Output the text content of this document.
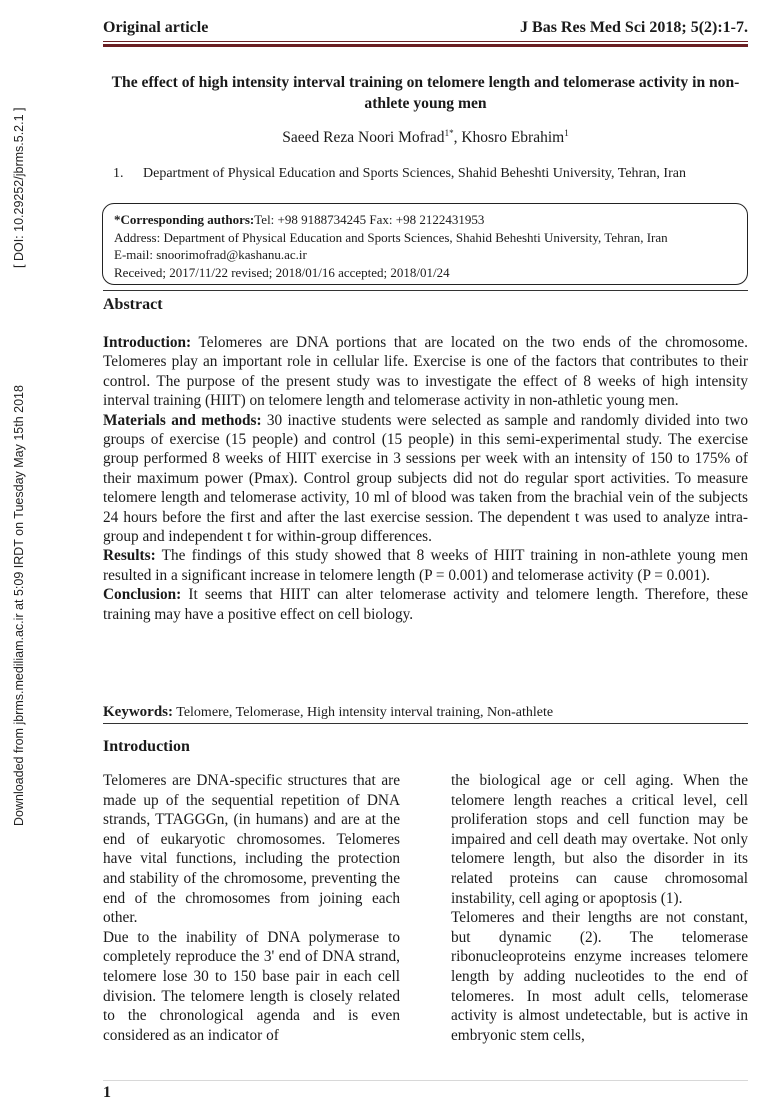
Downloaded from jbrms.mediliam.ac.ir at 5:09 IRDT on Tuesday May 15th 2018
[ DOI: 10.29252/jbrms.5.2.1 ]
Original article	J Bas Res Med Sci 2018; 5(2):1-7.
The effect of high intensity interval training on telomere length and telomerase activity in non-athlete young men
Saeed Reza Noori Mofrad$^{1*}$, Khosro Ebrahim$^1$
1.	Department of Physical Education and Sports Sciences, Shahid Beheshti University, Tehran, Iran
*Corresponding authors:Tel: +98 9188734245 Fax: +98 2122431953
Address: Department of Physical Education and Sports Sciences, Shahid Beheshti University, Tehran, Iran
E-mail: snoorimofrad@kashanu.ac.ir
Received; 2017/11/22 revised; 2018/01/16 accepted; 2018/01/24
Abstract

Introduction: Telomeres are DNA portions that are located on the two ends of the chromosome. Telomeres play an important role in cellular life. Exercise is one of the factors that contributes to their control. The purpose of the present study was to investigate the effect of 8 weeks of high intensity interval training (HIIT) on telomere length and telomerase activity in non-athletic young men.

Materials and methods: 30 inactive students were selected as sample and randomly divided into two groups of exercise (15 people) and control (15 people) in this semi-experimental study. The exercise group performed 8 weeks of HIIT exercise in 3 sessions per week with an intensity of 150 to 175% of their maximum power (Pmax). Control group subjects did not do regular sport activities. To measure telomere length and telomerase activity, 10 ml of blood was taken from the brachial vein of the subjects 24 hours before the first and after the last exercise session. The dependent t was used to analyze intra-group and independent t for within-group differences.

Results: The findings of this study showed that 8 weeks of HIIT training in non-athlete young men resulted in a significant increase in telomere length (P = 0.001) and telomerase activity (P = 0.001).

Conclusion: It seems that HIIT can alter telomerase activity and telomere length. Therefore, these training may have a positive effect on cell biology.

Keywords: Telomere, Telomerase, High intensity interval training, Non-athlete
Introduction

Telomeres are DNA-specific structures that are made up of the sequential repetition of DNA strands, TTAGGGn, (in humans) and are at the end of eukaryotic chromosomes. Telomeres have vital functions, including the protection and stability of the chromosome, preventing the end of the chromosomes from joining each other.

Due to the inability of DNA polymerase to completely reproduce the 3' end of DNA strand, telomere lose 30 to 150 base pair in each cell division. The telomere length is closely related to the chronological agenda and is even considered as an indicator of

the biological age or cell aging. When the telomere length reaches a critical level, cell proliferation stops and cell function may be impaired and cell death may overtake. Not only telomere length, but also the disorder in its related proteins can cause chromosomal instability, cell aging or apoptosis (1).

Telomeres and their lengths are not constant, but dynamic (2). The telomerase ribonucleoproteins enzyme increases telomere length by adding nucleotides to the end of telomeres. In most adult cells, telomerase activity is almost undetectable, but is active in embryonic stem cells,

1
